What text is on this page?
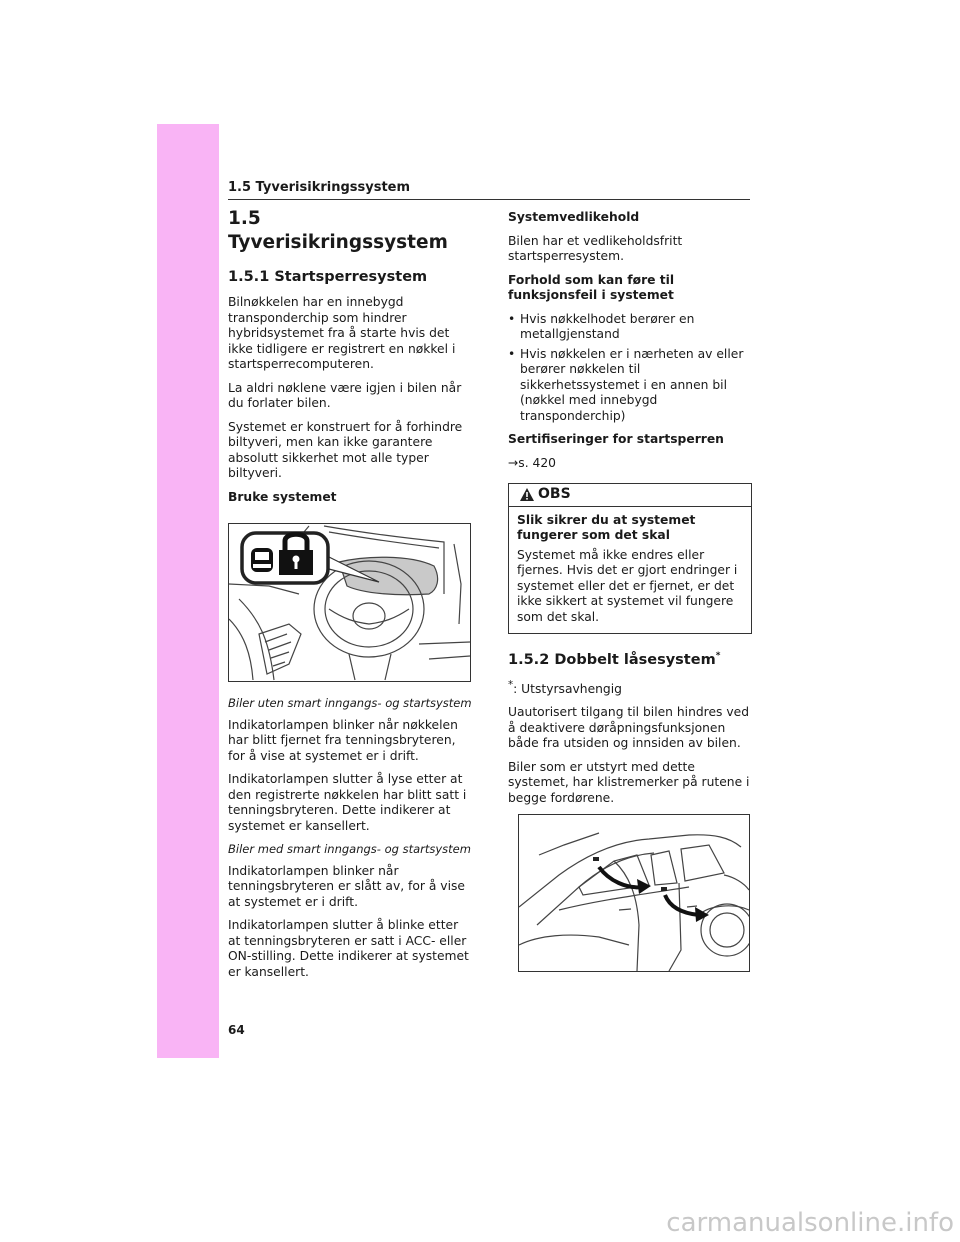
1.5 Tyverisikringssystem
1.5 Tyverisikringssystem
1.5.1 Startsperresystem

Bilnøkkelen har en innebygd transponderchip som hindrer hybridsystemet fra å starte hvis det ikke tidligere er registrert en nøkkel i startsperrecomputeren.

La aldri nøklene være igjen i bilen når du forlater bilen.

Systemet er konstruert for å forhindre biltyveri, men kan ikke garantere absolutt sikkerhet mot alle typer biltyveri.

Bruke systemet

Biler uten smart inngangs- og startsystem

Indikatorlampen blinker når nøkkelen har blitt fjernet fra tenningsbryteren, for å vise at systemet er i drift.

Indikatorlampen slutter å lyse etter at den registrerte nøkkelen har blitt satt i tenningsbryteren. Dette indikerer at systemet er kansellert.

Biler med smart inngangs- og startsystem

Indikatorlampen blinker når tenningsbryteren er slått av, for å vise at systemet er i drift.

Indikatorlampen slutter å blinke etter at tenningsbryteren er satt i ACC- eller ON-stilling. Dette indikerer at systemet er kansellert.

Systemvedlikehold

Bilen har et vedlikeholdsfritt startsperresystem.

Forhold som kan føre til funksjonsfeil i systemet

• Hvis nøkkelhodet berører en metallgjenstand
• Hvis nøkkelen er i nærheten av eller berører nøkkelen til sikkerhetssystemet i en annen bil (nøkkel med innebygd transponderchip)

Sertifiseringer for startsperren

→s. 420

OBS

Slik sikrer du at systemet fungerer som det skal

Systemet må ikke endres eller fjernes. Hvis det er gjort endringer i systemet eller det er fjernet, er det ikke sikkert at systemet vil fungere som det skal.

1.5.2 Dobbelt låsesystem*

*: Utstyrsavhengig

Uautorisert tilgang til bilen hindres ved å deaktivere døråpningsfunksjonen både fra utsiden og innsiden av bilen.

Biler som er utstyrt med dette systemet, har klistremerker på rutene i begge fordørene.

64
carmanualsonline.info
